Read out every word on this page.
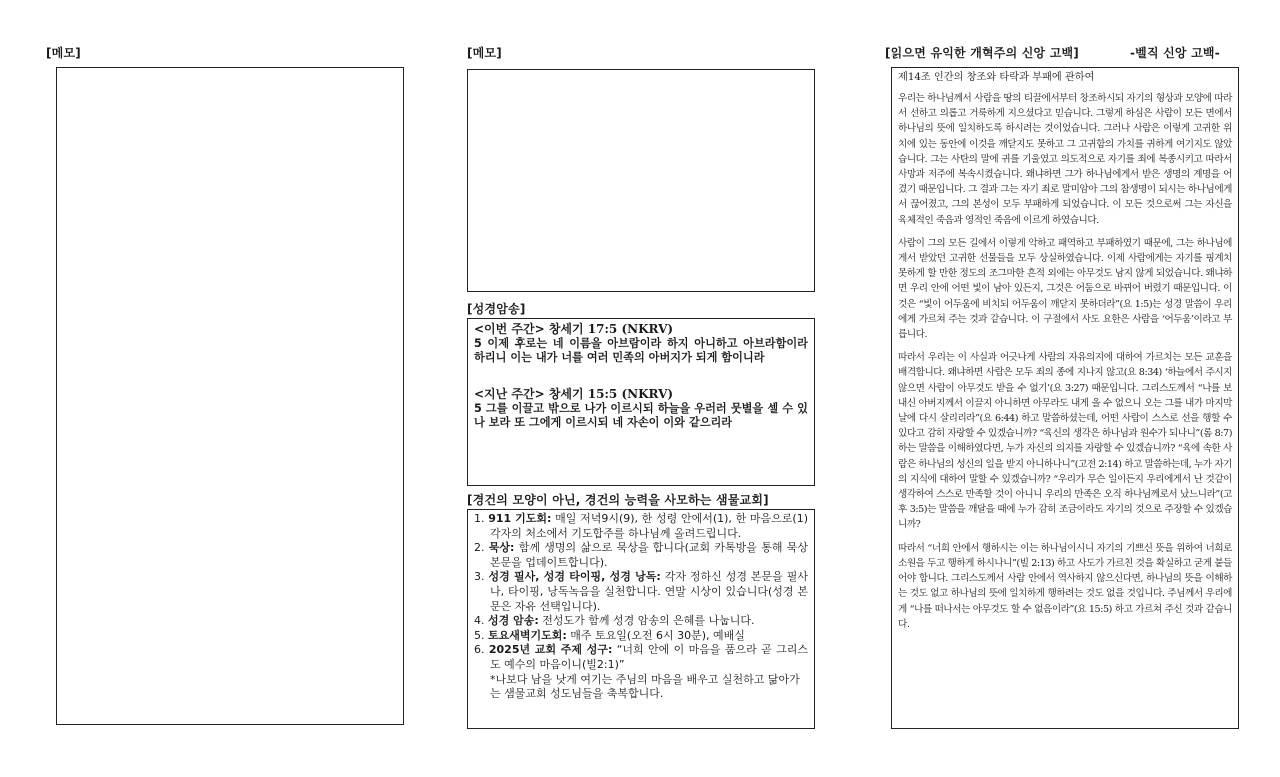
[메모]	[메모]
[성경암송]
<이번 주간> 창세기 17:5 (NKRV)
5 이제 후로는 네 이름을 아브람이라 하지 아니하고 아브라함이라 하리니 이는 내가 너를 여러 민족의 아버지가 되게 함이니라
<지난 주간> 창세기 15:5 (NKRV)
5 그를 이끌고 밖으로 나가 이르시되 하늘을 우러러 뭇별을 셀 수 있나 보라 또 그에게 이르시되 네 자손이 이와 같으리라
[경건의 모양이 아닌, 경건의 능력을 사모하는 샘물교회]
1. 911 기도회: 매일 저녁9시(9), 한 성령 안에서(1), 한 마음으로(1) 각자의 처소에서 기도합주를 하나님께 올려드립니다.
2. 묵상: 함께 생명의 삶으로 묵상을 합니다(교회 카톡방을 통해 묵상 본문을 업데이트합니다).
3. 성경 필사, 성경 타이핑, 성경 낭독: 각자 정하신 성경 본문을 필사나, 타이핑, 낭독녹음을 실천합니다. 연말 시상이 있습니다(성경 본문은 자유 선택입니다).
4. 성경 암송: 전성도가 함께 성경 암송의 은혜를 나눕니다.
5. 토요새벽기도회: 매주 토요일(오전 6시 30분), 예배실
6. 2025년 교회 주제 성구: “너희 안에 이 마음을 품으라 곧 그리스도 예수의 마음이니(빌2:1)”
*나보다 남을 낫게 여기는 주님의 마음을 배우고 실천하고 닮아가는 샘물교회 성도님들을 축복합니다.
[읽으면 유익한 개혁주의 신앙 고백]	-벨직 신앙 고백-
제14조 인간의 창조와 타락과 부패에 관하여

우리는 하나님께서 사람을 땅의 티끌에서부터 창조하시되 자기의 형상과 모양에 따라서 선하고 의롭고 거룩하게 지으셨다고 믿습니다. 그렇게 하심은 사람이 모든 면에서 하나님의 뜻에 일치하도록 하시려는 것이었습니다. 그러나 사람은 이렇게 고귀한 위치에 있는 동안에 이것을 깨닫지도 못하고 그 고귀함의 가치를 귀하게 여기지도 않았습니다. 그는 사탄의 말에 귀를 기울였고 의도적으로 자기를 죄에 복종시키고 따라서 사망과 저주에 복속시켰습니다. 왜냐하면 그가 하나님에게서 받은 생명의 계명을 어겼기 때문입니다. 그 결과 그는 자기 죄로 말미암아 그의 참생명이 되시는 하나님에게서 끊어졌고, 그의 본성이 모두 부패하게 되었습니다. 이 모든 것으로써 그는 자신을 육체적인 죽음과 영적인 죽음에 이르게 하였습니다.

사람이 그의 모든 길에서 이렇게 악하고 패역하고 부패하였기 때문에, 그는 하나님에게서 받았던 고귀한 선물들을 모두 상실하였습니다. 이제 사람에게는 자기를 핑계치 못하게 할 만한 정도의 조그마한 흔적 외에는 아무것도 남지 않게 되었습니다. 왜냐하면 우리 안에 어떤 빛이 남아 있든지, 그것은 어둠으로 바뀌어 버렸기 때문입니다. 이것은 “빛이 어두움에 비치되 어두움이 깨닫지 못하더라”(요 1:5)는 성경 말씀이 우리에게 가르쳐 주는 것과 같습니다. 이 구절에서 사도 요한은 사람을 ‘어두움’이라고 부릅니다.

따라서 우리는 이 사실과 어긋나게 사람의 자유의지에 대하여 가르치는 모든 교훈을 배격합니다. 왜냐하면 사람은 모두 죄의 종에 지나지 않고(요 8:34) ‘하늘에서 주시지 않으면 사람이 아무것도 받을 수 없기’(요 3:27) 때문입니다. 그리스도께서 “나를 보내신 아버지께서 이끌지 아니하면 아무라도 내게 올 수 없으니 오는 그를 내가 마지막 날에 다시 살리리라”(요 6:44) 하고 말씀하셨는데, 어떤 사람이 스스로 선을 행할 수 있다고 감히 자랑할 수 있겠습니까? “육신의 생각은 하나님과 원수가 되나니”(롬 8:7) 하는 말씀을 이해하였다면, 누가 자신의 의지를 자랑할 수 있겠습니까? “육에 속한 사람은 하나님의 성신의 일을 받지 아니하나니”(고전 2:14) 하고 말씀하는데, 누가 자기의 지식에 대하여 말할 수 있겠습니까? “우리가 무슨 일이든지 우리에게서 난 것같이 생각하여 스스로 만족할 것이 아니니 우리의 만족은 오직 하나님께로서 났느니라”(고후 3:5)는 말씀을 깨달을 때에 누가 감히 조금이라도 자기의 것으로 주장할 수 있겠습니까?

따라서 “너희 안에서 행하시는 이는 하나님이시니 자기의 기쁘신 뜻을 위하여 너희로 소원을 두고 행하게 하시나니”(빌 2:13) 하고 사도가 가르친 것을 확실하고 굳게 붙들어야 합니다. 그리스도께서 사람 안에서 역사하지 않으신다면, 하나님의 뜻을 이해하는 것도 없고 하나님의 뜻에 일치하게 행하려는 것도 없을 것입니다. 주님께서 우리에게 “나를 떠나서는 아무것도 할 수 없음이라”(요 15:5) 하고 가르쳐 주신 것과 같습니다.
